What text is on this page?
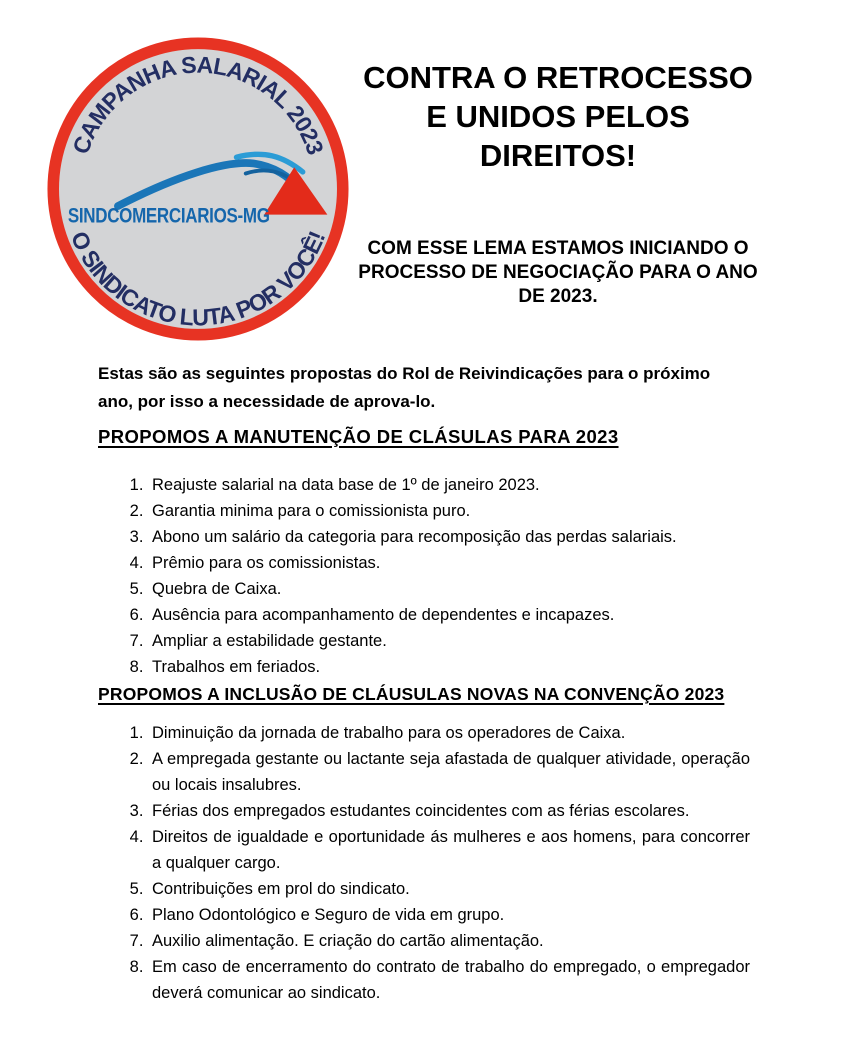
CAMPANHA SALARIAL 2023
O SINDICATO LUTA POR VOCÊ!
SINDCOMERCIARIOS-MG
CONTRA O RETROCESSO
E UNIDOS PELOS
DIREITOS!

COM ESSE LEMA ESTAMOS INICIANDO O
PROCESSO DE NEGOCIAÇÃO PARA O ANO
DE 2023.

Estas são as seguintes propostas do Rol de Reivindicações para o próximo ano, por isso a necessidade de aprova-lo.

PROPOMOS A MANUTENÇÃO DE CLÁSULAS PARA 2023
1. Reajuste salarial na data base de 1º de janeiro 2023.
2. Garantia minima para o comissionista puro.
3. Abono um salário da categoria para recomposição das perdas salariais.
4. Prêmio para os comissionistas.
5. Quebra de Caixa.
6. Ausência para acompanhamento de dependentes e incapazes.
7. Ampliar a estabilidade gestante.
8. Trabalhos em feriados.
PROPOMOS A INCLUSÃO DE CLÁUSULAS NOVAS NA CONVENÇÃO 2023
1. Diminuição da jornada de trabalho para os operadores de Caixa.
2. A empregada gestante ou lactante seja afastada de qualquer atividade, operação ou locais insalubres.
3. Férias dos empregados estudantes coincidentes com as férias escolares.
4. Direitos de igualdade e oportunidade ás mulheres e aos homens, para concorrer a qualquer cargo.
5. Contribuições em prol do sindicato.
6. Plano Odontológico e Seguro de vida em grupo.
7. Auxilio alimentação. E criação do cartão alimentação.
8. Em caso de encerramento do contrato de trabalho do empregado, o empregador deverá comunicar ao sindicato.
